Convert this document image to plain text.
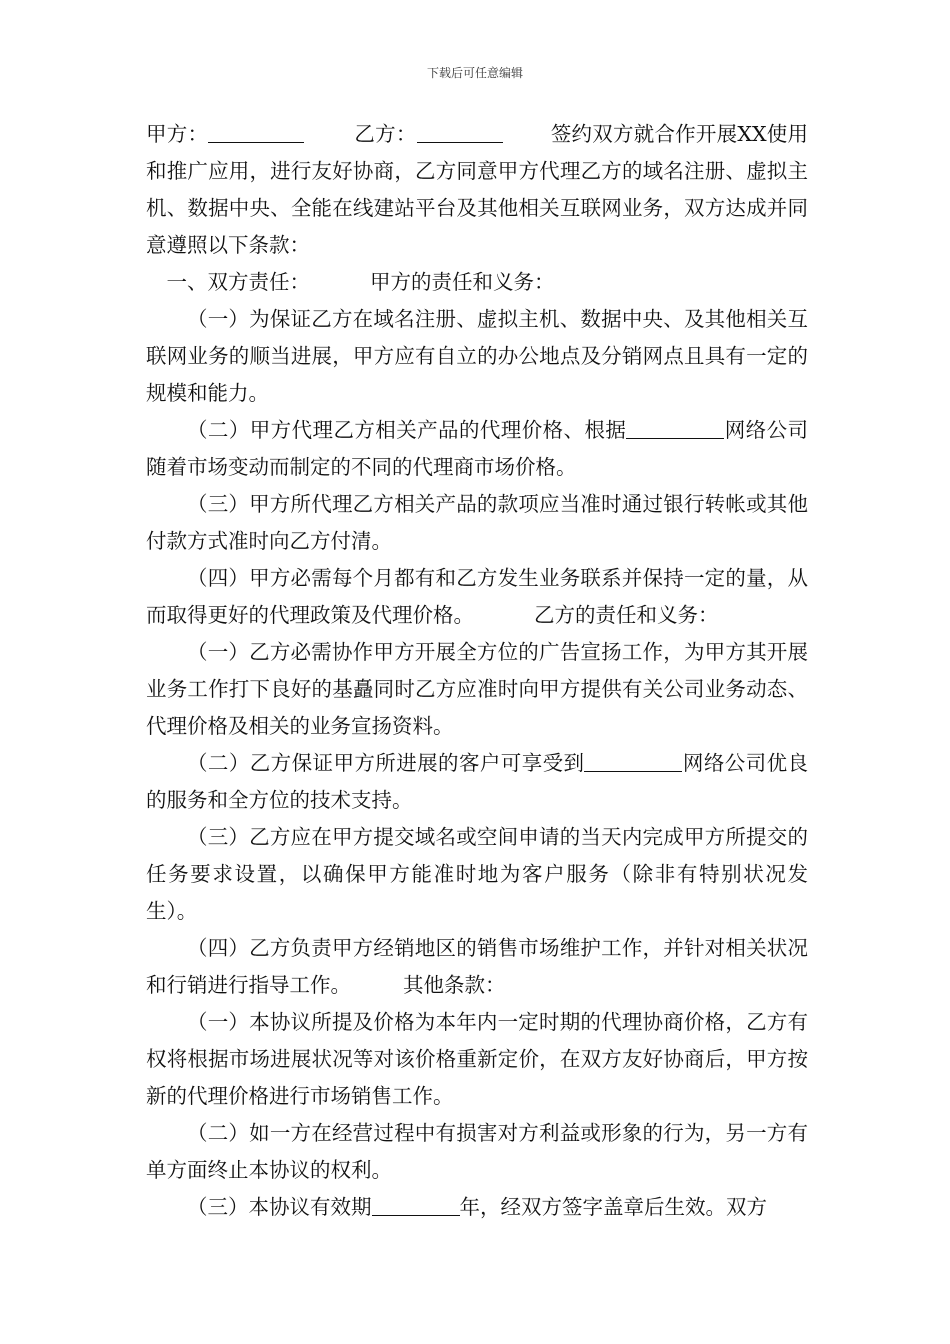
下载后可任意编辑

甲方：	乙方：	签约双方就合作开展XX使用和推广应用，进行友好协商，乙方同意甲方代理乙方的域名注册、虚拟主机、数据中央、全能在线建站平台及其他相关互联网业务，双方达成并同意遵照以下条款：

一、双方责任：	甲方的责任和义务：

（一）为保证乙方在域名注册、虚拟主机、数据中央、及其他相关互联网业务的顺当进展，甲方应有自立的办公地点及分销网点且具有一定的规模和能力。

（二）甲方代理乙方相关产品的代理价格、根据	网络公司随着市场变动而制定的不同的代理商市场价格。

（三）甲方所代理乙方相关产品的款项应当准时通过银行转帐或其他付款方式准时向乙方付清。

（四）甲方必需每个月都有和乙方发生业务联系并保持一定的量，从而取得更好的代理政策及代理价格。	乙方的责任和义务：

（一）乙方必需协作甲方开展全方位的广告宣扬工作，为甲方其开展业务工作打下良好的基矗同时乙方应准时向甲方提供有关公司业务动态、代理价格及相关的业务宣扬资料。

（二）乙方保证甲方所进展的客户可享受到	网络公司优良的服务和全方位的技术支持。

（三）乙方应在甲方提交域名或空间申请的当天内完成甲方所提交的任务要求设置，以确保甲方能准时地为客户服务（除非有特别状况发生）。

（四）乙方负责甲方经销地区的销售市场维护工作，并针对相关状况和行销进行指导工作。	其他条款：

（一）本协议所提及价格为本年内一定时期的代理协商价格，乙方有权将根据市场进展状况等对该价格重新定价，在双方友好协商后，甲方按新的代理价格进行市场销售工作。

（二）如一方在经营过程中有损害对方利益或形象的行为，另一方有单方面终止本协议的权利。

（三）本协议有效期	年，经双方签字盖章后生效。双方
